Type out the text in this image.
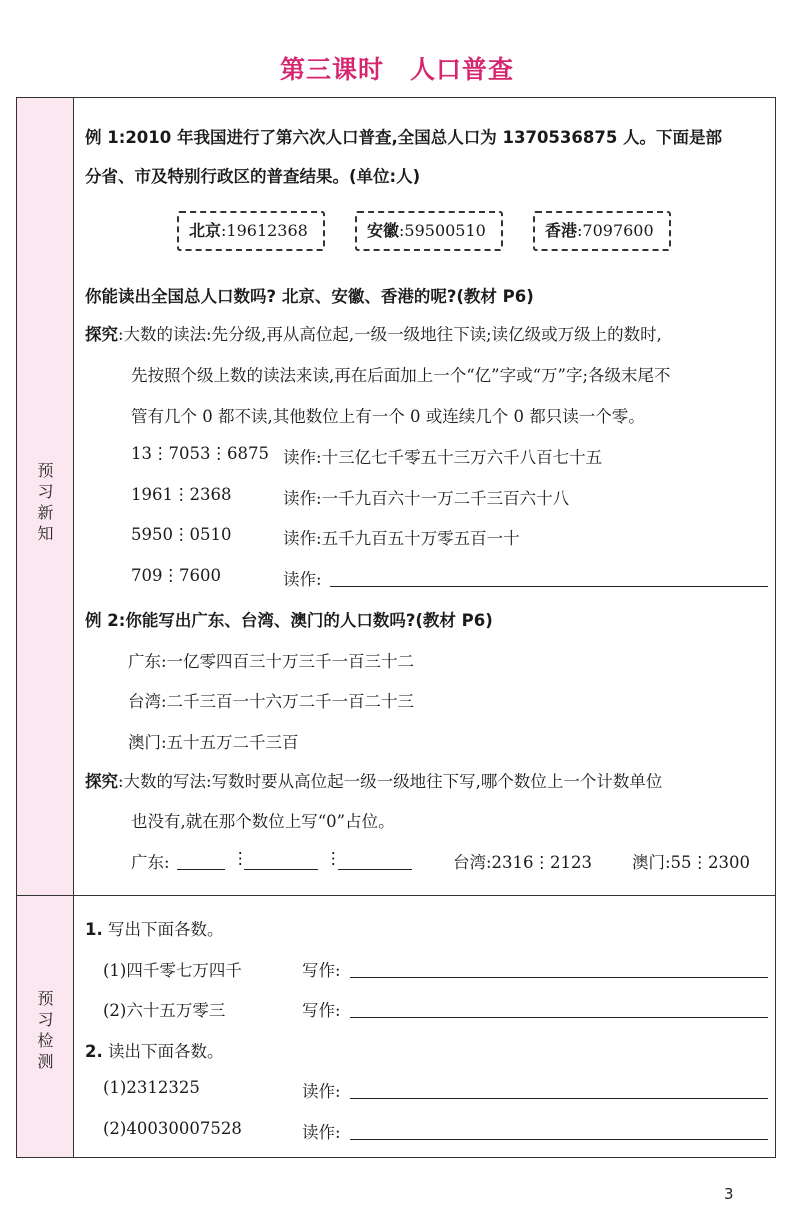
第三课时 人口普查
预习新知
预习检测
例 1:2010 年我国进行了第六次人口普查,全国总人口为 1370536875 人。下面是部
分省、市及特别行政区的普查结果。(单位:人)
北京:19612368	安徽:59500510	香港:7097600
你能读出全国总人口数吗? 北京、安徽、香港的呢?(教材 P6)
探究:大数的读法:先分级,再从高位起,一级一级地往下读;读亿级或万级上的数时,
先按照个级上数的读法来读,再在后面加上一个“亿”字或“万”字;各级末尾不
管有几个 0 都不读,其他数位上有一个 0 或连续几个 0 都只读一个零。
13⋮7053⋮6875 读作:十三亿七千零五十三万六千八百七十五
1961⋮2368	读作:一千九百六十一万二千三百六十八
5950⋮0510	读作:五千九百五十万零五百一十
709⋮7600	读作:
例 2:你能写出广东、台湾、澳门的人口数吗?(教材 P6)
广东:一亿零四百三十万三千一百三十二
台湾:二千三百一十六万二千一百二十三
澳门:五十五万二千三百
探究:大数的写法:写数时要从高位起一级一级地往下写,哪个数位上一个计数单位
也没有,就在那个数位上写“0”占位。
广东:	⋮	⋮	台湾:2316⋮2123 澳门:55⋮2300
1. 写出下面各数。
(1)四千零七万四千	写作:
(2)六十五万零三	写作:
2. 读出下面各数。
(1)2312325	读作:
(2)40030007528	读作:
3
